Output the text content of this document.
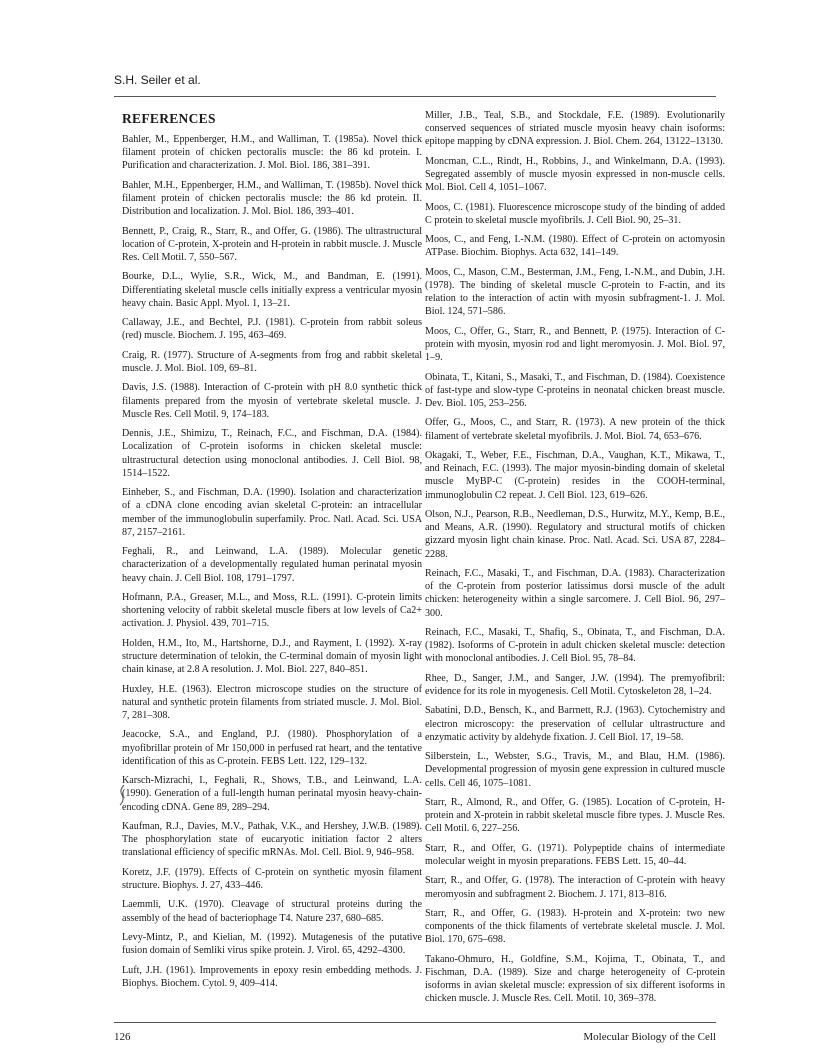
S.H. Seiler et al.
REFERENCES

Bahler, M., Eppenberger, H.M., and Walliman, T. (1985a). Novel thick filament protein of chicken pectoralis muscle: the 86 kd protein. I. Purification and characterization. J. Mol. Biol. 186, 381–391.

Bahler, M.H., Eppenberger, H.M., and Walliman, T. (1985b). Novel thick filament protein of chicken pectoralis muscle: the 86 kd protein. II. Distribution and localization. J. Mol. Biol. 186, 393–401.

Bennett, P., Craig, R., Starr, R., and Offer, G. (1986). The ultrastructural location of C-protein, X-protein and H-protein in rabbit muscle. J. Muscle Res. Cell Motil. 7, 550–567.

Bourke, D.L., Wylie, S.R., Wick, M., and Bandman, E. (1991). Differentiating skeletal muscle cells initially express a ventricular myosin heavy chain. Basic Appl. Myol. 1, 13–21.

Callaway, J.E., and Bechtel, P.J. (1981). C-protein from rabbit soleus (red) muscle. Biochem. J. 195, 463–469.

Craig, R. (1977). Structure of A-segments from frog and rabbit skeletal muscle. J. Mol. Biol. 109, 69–81.

Davis, J.S. (1988). Interaction of C-protein with pH 8.0 synthetic thick filaments prepared from the myosin of vertebrate skeletal muscle. J. Muscle Res. Cell Motil. 9, 174–183.

Dennis, J.E., Shimizu, T., Reinach, F.C., and Fischman, D.A. (1984). Localization of C-protein isoforms in chicken skeletal muscle: ultrastructural detection using monoclonal antibodies. J. Cell Biol. 98, 1514–1522.

Einheber, S., and Fischman, D.A. (1990). Isolation and characterization of a cDNA clone encoding avian skeletal C-protein: an intracellular member of the immunoglobulin superfamily. Proc. Natl. Acad. Sci. USA 87, 2157–2161.

Feghali, R., and Leinwand, L.A. (1989). Molecular genetic characterization of a developmentally regulated human perinatal myosin heavy chain. J. Cell Biol. 108, 1791–1797.

Hofmann, P.A., Greaser, M.L., and Moss, R.L. (1991). C-protein limits shortening velocity of rabbit skeletal muscle fibers at low levels of Ca2+ activation. J. Physiol. 439, 701–715.

Holden, H.M., Ito, M., Hartshorne, D.J., and Rayment, I. (1992). X-ray structure determination of telokin, the C-terminal domain of myosin light chain kinase, at 2.8 A resolution. J. Mol. Biol. 227, 840–851.

Huxley, H.E. (1963). Electron microscope studies on the structure of natural and synthetic protein filaments from striated muscle. J. Mol. Biol. 7, 281–308.

Jeacocke, S.A., and England, P.J. (1980). Phosphorylation of a myofibrillar protein of Mr 150,000 in perfused rat heart, and the tentative identification of this as C-protein. FEBS Lett. 122, 129–132.

Karsch-Mizrachi, I., Feghali, R., Shows, T.B., and Leinwand, L.A. (1990). Generation of a full-length human perinatal myosin heavy-chain-encoding cDNA. Gene 89, 289–294.

Kaufman, R.J., Davies, M.V., Pathak, V.K., and Hershey, J.W.B. (1989). The phosphorylation state of eucaryotic initiation factor 2 alters translational efficiency of specific mRNAs. Mol. Cell. Biol. 9, 946–958.

Koretz, J.F. (1979). Effects of C-protein on synthetic myosin filament structure. Biophys. J. 27, 433–446.

Laemmli, U.K. (1970). Cleavage of structural proteins during the assembly of the head of bacteriophage T4. Nature 237, 680–685.

Levy-Mintz, P., and Kielian, M. (1992). Mutagenesis of the putative fusion domain of Semliki virus spike protein. J. Virol. 65, 4292–4300.

Luft, J.H. (1961). Improvements in epoxy resin embedding methods. J. Biophys. Biochem. Cytol. 9, 409–414.

Miller, J.B., Teal, S.B., and Stockdale, F.E. (1989). Evolutionarily conserved sequences of striated muscle myosin heavy chain isoforms: epitope mapping by cDNA expression. J. Biol. Chem. 264, 13122–13130.

Moncman, C.L., Rindt, H., Robbins, J., and Winkelmann, D.A. (1993). Segregated assembly of muscle myosin expressed in non-muscle cells. Mol. Biol. Cell 4, 1051–1067.

Moos, C. (1981). Fluorescence microscope study of the binding of added C protein to skeletal muscle myofibrils. J. Cell Biol. 90, 25–31.

Moos, C., and Feng, I.-N.M. (1980). Effect of C-protein on actomyosin ATPase. Biochim. Biophys. Acta 632, 141–149.

Moos, C., Mason, C.M., Besterman, J.M., Feng, I.-N.M., and Dubin, J.H. (1978). The binding of skeletal muscle C-protein to F-actin, and its relation to the interaction of actin with myosin subfragment-1. J. Mol. Biol. 124, 571–586.

Moos, C., Offer, G., Starr, R., and Bennett, P. (1975). Interaction of C-protein with myosin, myosin rod and light meromyosin. J. Mol. Biol. 97, 1–9.

Obinata, T., Kitani, S., Masaki, T., and Fischman, D. (1984). Coexistence of fast-type and slow-type C-proteins in neonatal chicken breast muscle. Dev. Biol. 105, 253–256.

Offer, G., Moos, C., and Starr, R. (1973). A new protein of the thick filament of vertebrate skeletal myofibrils. J. Mol. Biol. 74, 653–676.

Okagaki, T., Weber, F.E., Fischman, D.A., Vaughan, K.T., Mikawa, T., and Reinach, F.C. (1993). The major myosin-binding domain of skeletal muscle MyBP-C (C-protein) resides in the COOH-terminal, immunoglobulin C2 repeat. J. Cell Biol. 123, 619–626.

Olson, N.J., Pearson, R.B., Needleman, D.S., Hurwitz, M.Y., Kemp, B.E., and Means, A.R. (1990). Regulatory and structural motifs of chicken gizzard myosin light chain kinase. Proc. Natl. Acad. Sci. USA 87, 2284–2288.

Reinach, F.C., Masaki, T., and Fischman, D.A. (1983). Characterization of the C-protein from posterior latissimus dorsi muscle of the adult chicken: heterogeneity within a single sarcomere. J. Cell Biol. 96, 297–300.

Reinach, F.C., Masaki, T., Shafiq, S., Obinata, T., and Fischman, D.A. (1982). Isoforms of C-protein in adult chicken skeletal muscle: detection with monoclonal antibodies. J. Cell Biol. 95, 78–84.

Rhee, D., Sanger, J.M., and Sanger, J.W. (1994). The premyofibril: evidence for its role in myogenesis. Cell Motil. Cytoskeleton 28, 1–24.

Sabatini, D.D., Bensch, K., and Barrnett, R.J. (1963). Cytochemistry and electron microscopy: the preservation of cellular ultrastructure and enzymatic activity by aldehyde fixation. J. Cell Biol. 17, 19–58.

Silberstein, L., Webster, S.G., Travis, M., and Blau, H.M. (1986). Developmental progression of myosin gene expression in cultured muscle cells. Cell 46, 1075–1081.

Starr, R., Almond, R., and Offer, G. (1985). Location of C-protein, H-protein and X-protein in rabbit skeletal muscle fibre types. J. Muscle Res. Cell Motil. 6, 227–256.

Starr, R., and Offer, G. (1971). Polypeptide chains of intermediate molecular weight in myosin preparations. FEBS Lett. 15, 40–44.

Starr, R., and Offer, G. (1978). The interaction of C-protein with heavy meromyosin and subfragment 2. Biochem. J. 171, 813–816.

Starr, R., and Offer, G. (1983). H-protein and X-protein: two new components of the thick filaments of vertebrate skeletal muscle. J. Mol. Biol. 170, 675–698.

Takano-Ohmuro, H., Goldfine, S.M., Kojima, T., Obinata, T., and Fischman, D.A. (1989). Size and charge heterogeneity of C-protein isoforms in avian skeletal muscle: expression of six different isoforms in chicken muscle. J. Muscle Res. Cell. Motil. 10, 369–378.

126	Molecular Biology of the Cell
